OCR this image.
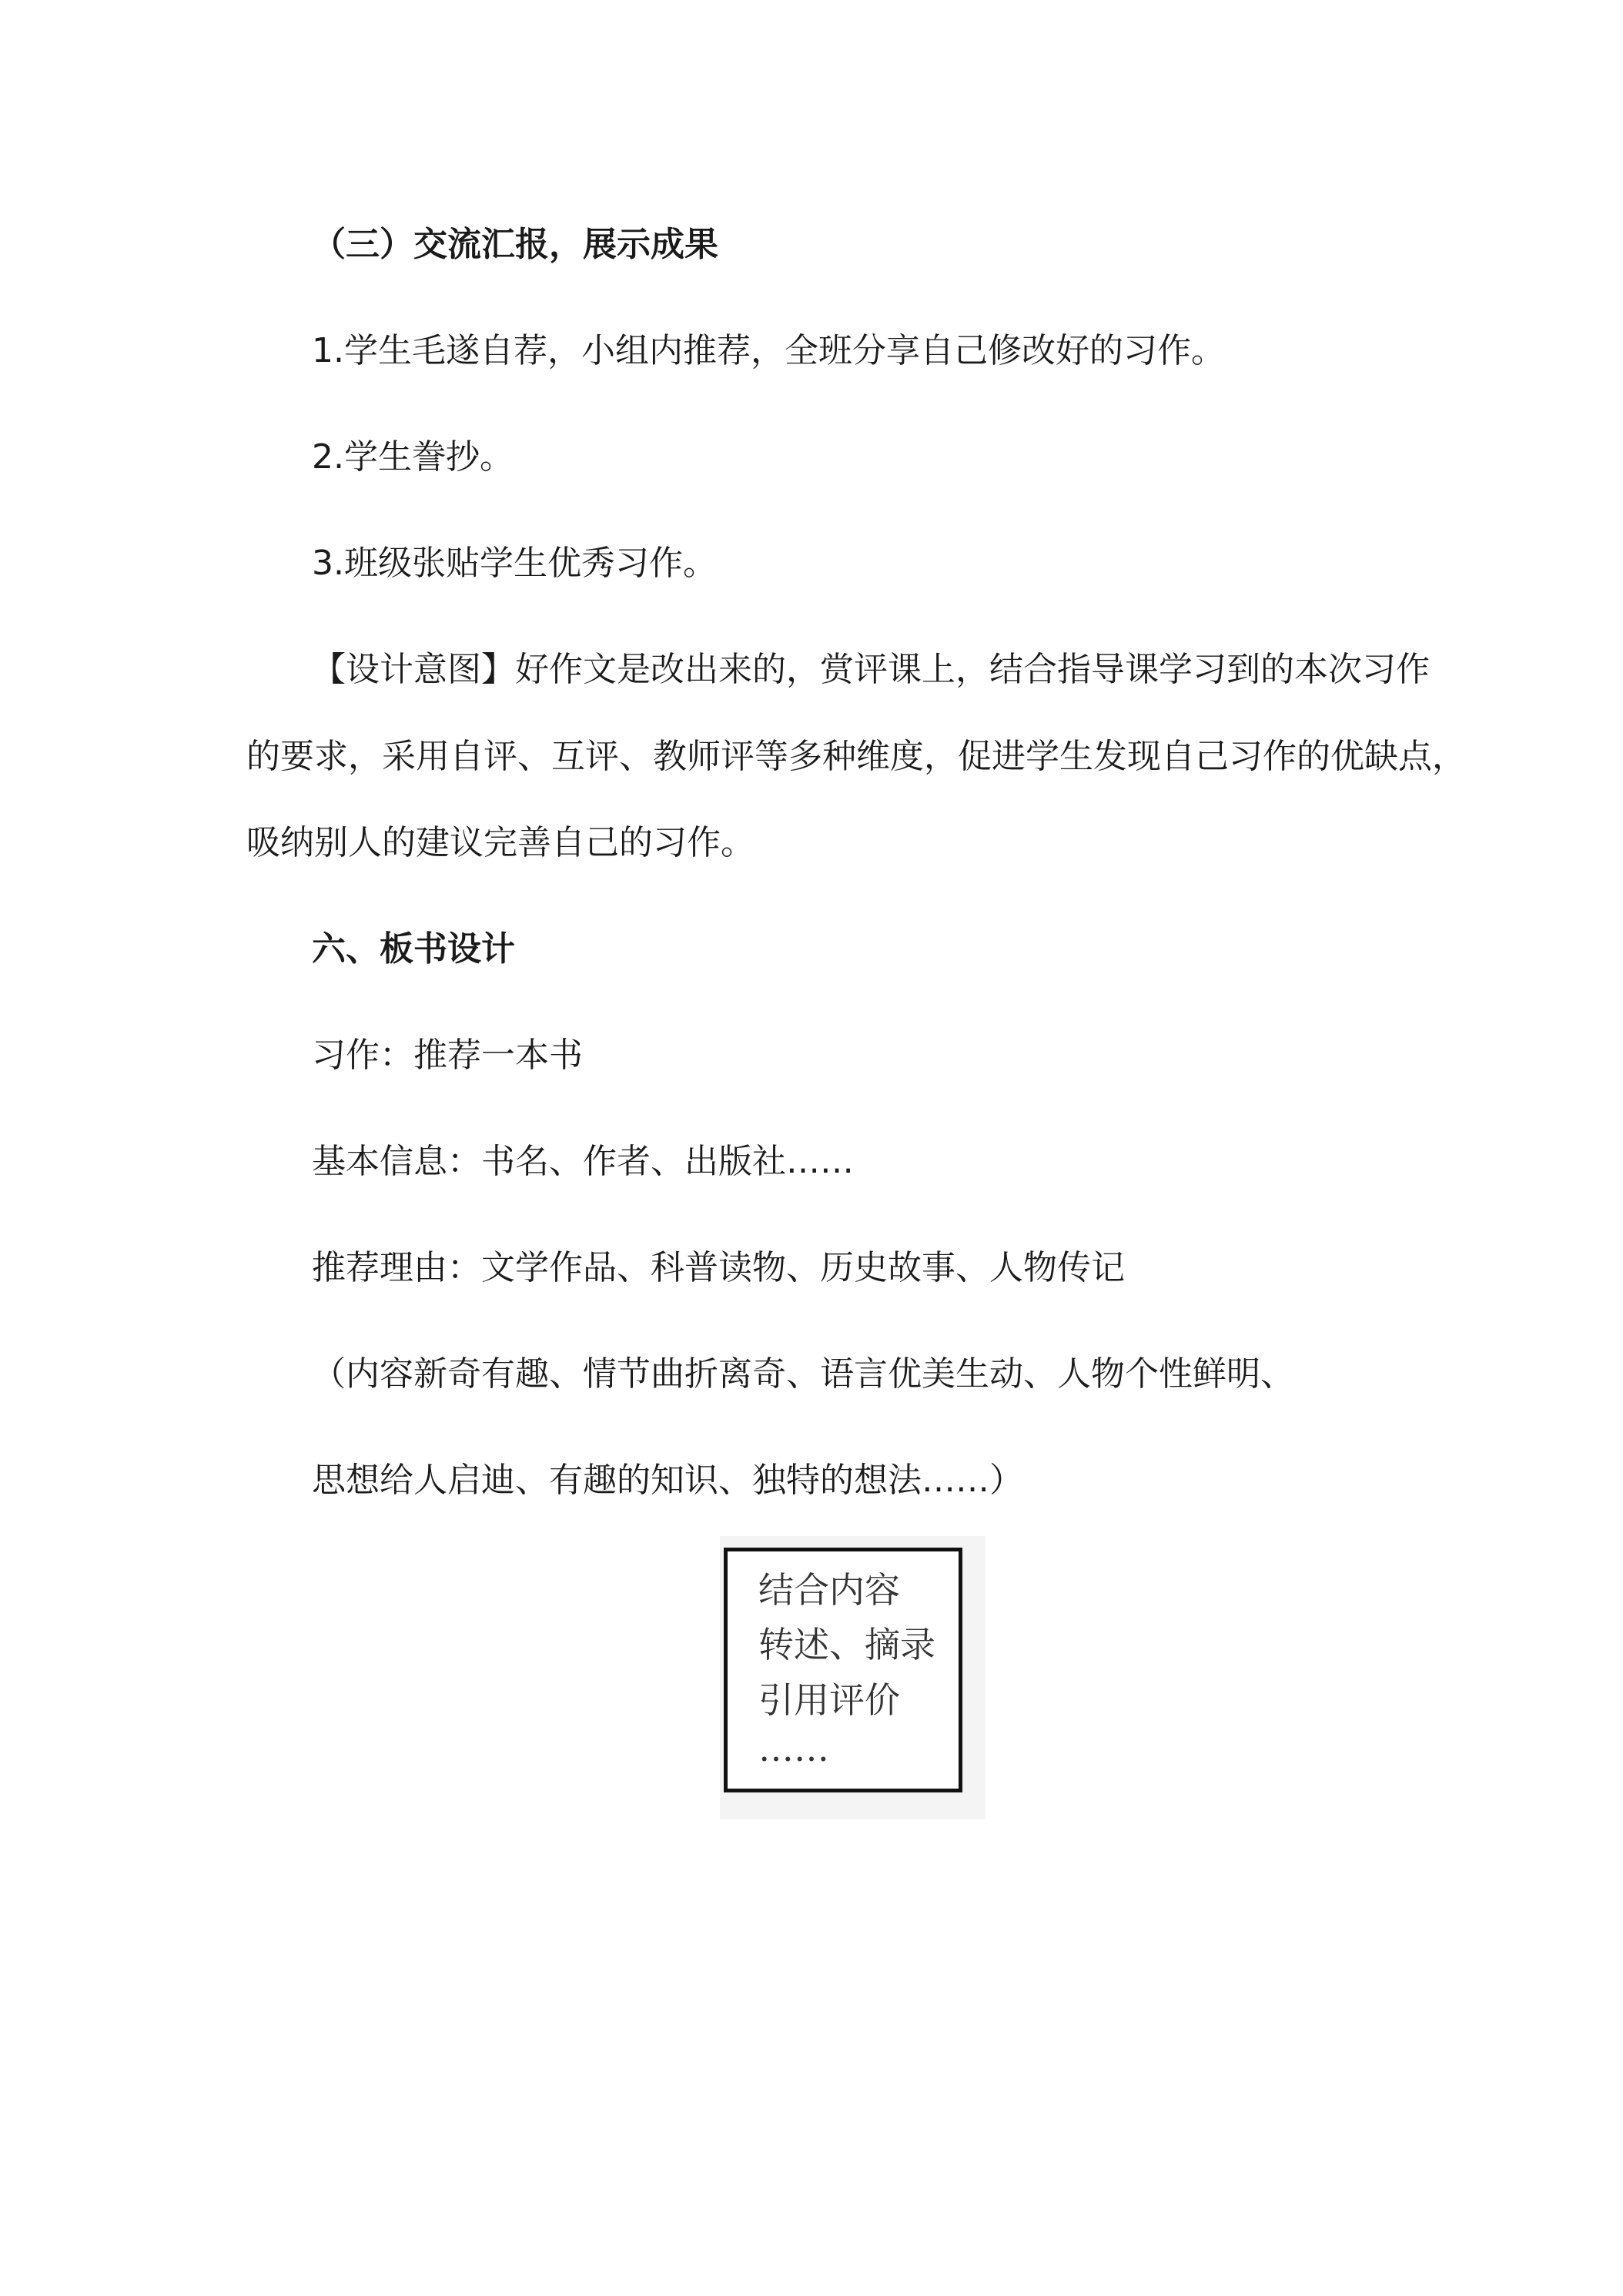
（三）交流汇报，展示成果
1.学生毛遂自荐，小组内推荐，全班分享自己修改好的习作。
2.学生誊抄。
3.班级张贴学生优秀习作。
【设计意图】好作文是改出来的，赏评课上，结合指导课学习到的本次习作
的要求，采用自评、互评、教师评等多种维度，促进学生发现自己习作的优缺点，
吸纳别人的建议完善自己的习作。
六、板书设计
习作：推荐一本书
基本信息：书名、作者、出版社……
推荐理由：文学作品、科普读物、历史故事、人物传记
（内容新奇有趣、情节曲折离奇、语言优美生动、人物个性鲜明、
思想给人启迪、有趣的知识、独特的想法……）
结合内容
转述、摘录
引用评价
……
